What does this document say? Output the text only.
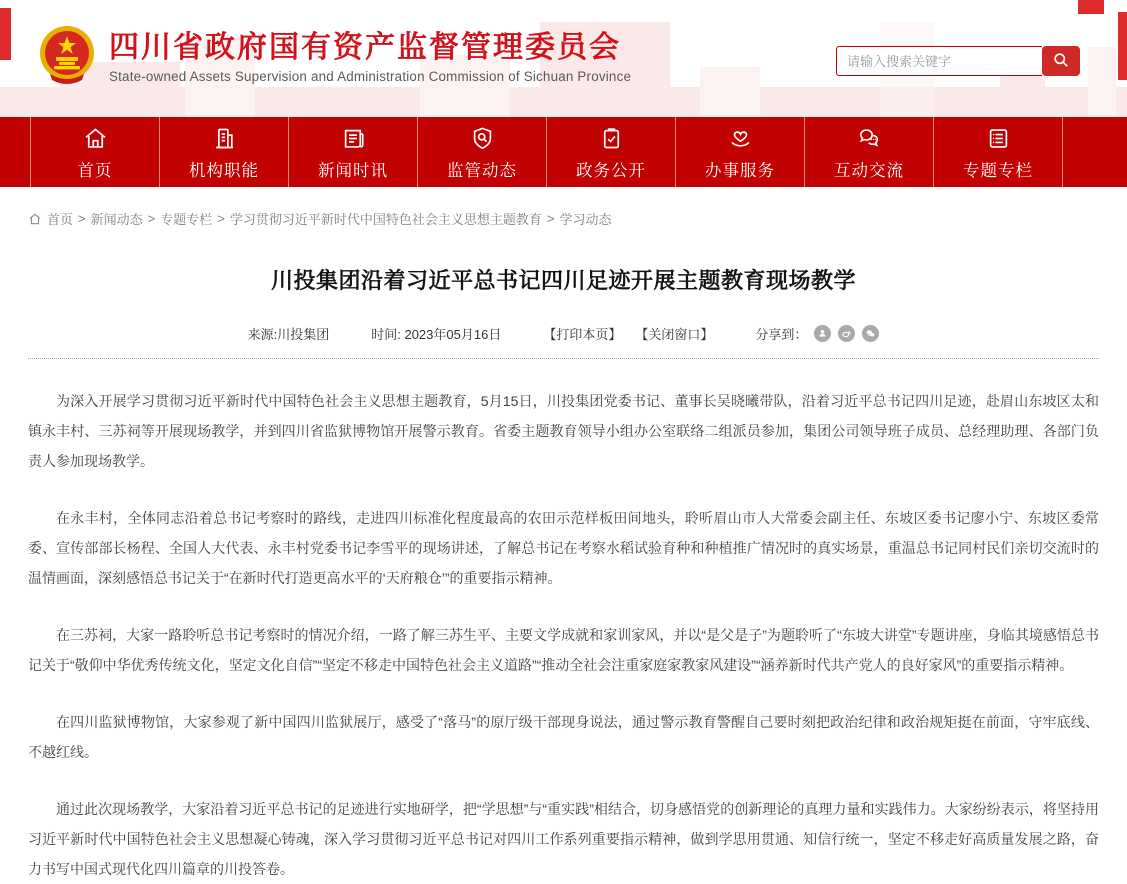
四川省政府国有资产监督管理委员会
State-owned Assets Supervision and Administration Commission of Sichuan Province
请输入搜索关键字
首页	机构职能	新闻时讯	监管动态	政务公开	办事服务	互动交流	专题专栏
首页 > 新闻动态 > 专题专栏 > 学习贯彻习近平新时代中国特色社会主义思想主题教育 > 学习动态
川投集团沿着习近平总书记四川足迹开展主题教育现场教学
来源:川投集团	时间: 2023年05月16日	【打印本页】 【关闭窗口】	分享到：

为深入开展学习贯彻习近平新时代中国特色社会主义思想主题教育，5月15日，川投集团党委书记、董事长吴晓曦带队，沿着习近平总书记四川足迹，赴眉山东坡区太和镇永丰村、三苏祠等开展现场教学，并到四川省监狱博物馆开展警示教育。省委主题教育领导小组办公室联络二组派员参加，集团公司领导班子成员、总经理助理、各部门负责人参加现场教学。

在永丰村，全体同志沿着总书记考察时的路线，走进四川标准化程度最高的农田示范样板田间地头，聆听眉山市人大常委会副主任、东坡区委书记廖小宁、东坡区委常委、宣传部部长杨程、全国人大代表、永丰村党委书记李雪平的现场讲述，了解总书记在考察水稻试验育种和种植推广情况时的真实场景，重温总书记同村民们亲切交流时的温情画面，深刻感悟总书记关于“在新时代打造更高水平的‘天府粮仓’”的重要指示精神。

在三苏祠，大家一路聆听总书记考察时的情况介绍，一路了解三苏生平、主要文学成就和家训家风，并以“是父是子”为题聆听了“东坡大讲堂”专题讲座，身临其境感悟总书记关于“敬仰中华优秀传统文化，坚定文化自信”“坚定不移走中国特色社会主义道路”“推动全社会注重家庭家教家风建设”“涵养新时代共产党人的良好家风”的重要指示精神。

在四川监狱博物馆，大家参观了新中国四川监狱展厅，感受了“落马”的原厅级干部现身说法，通过警示教育警醒自己要时刻把政治纪律和政治规矩挺在前面，守牢底线、不越红线。

通过此次现场教学，大家沿着习近平总书记的足迹进行实地研学，把“学思想”与“重实践”相结合，切身感悟党的创新理论的真理力量和实践伟力。大家纷纷表示，将坚持用习近平新时代中国特色社会主义思想凝心铸魂，深入学习贯彻习近平总书记对四川工作系列重要指示精神，做到学思用贯通、知信行统一，坚定不移走好高质量发展之路，奋力书写中国式现代化四川篇章的川投答卷。
